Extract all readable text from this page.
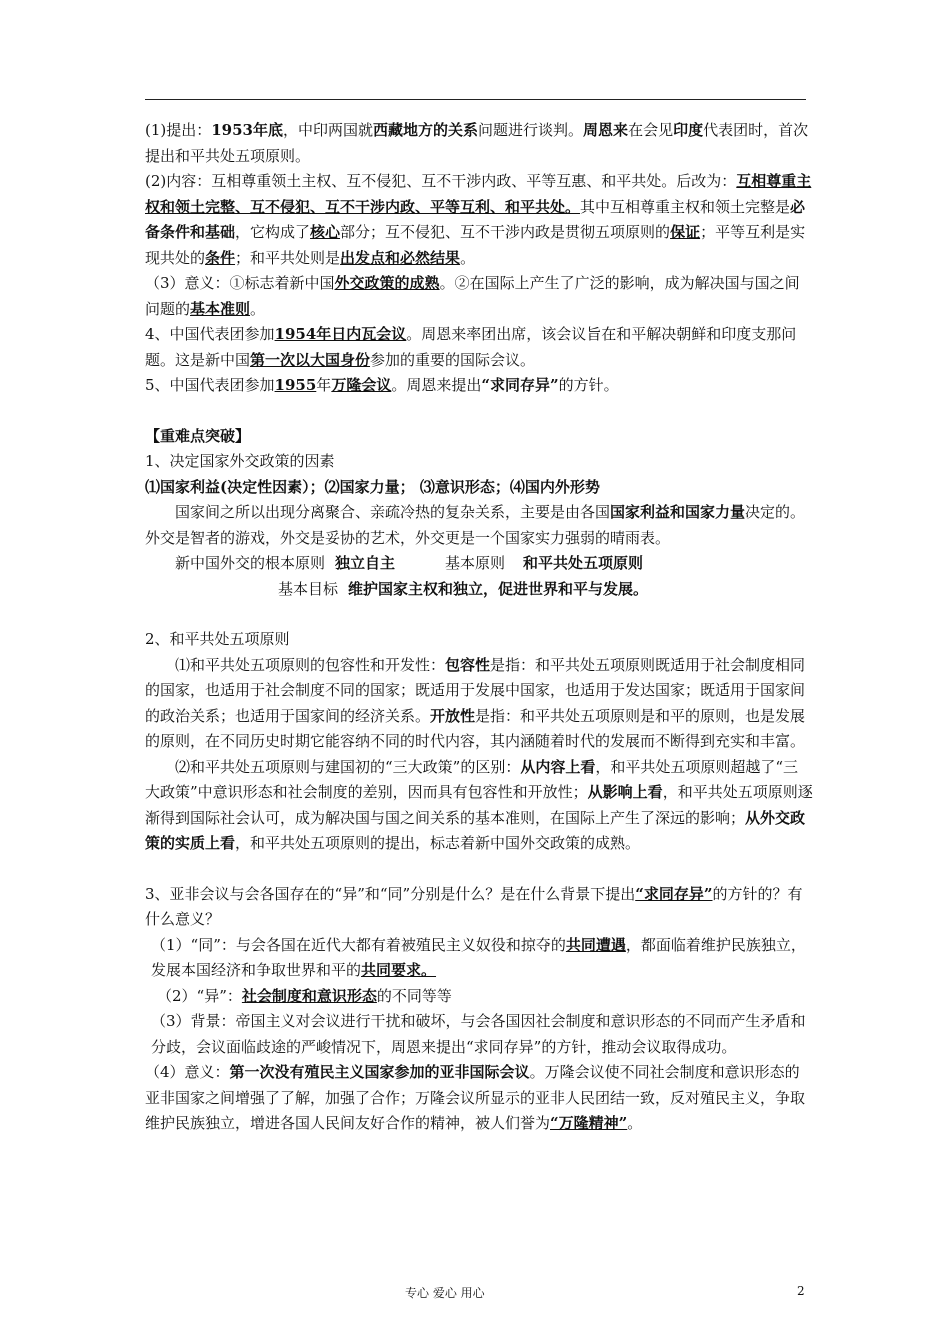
(1)提出：1953年底，中印两国就西藏地方的关系问题进行谈判。周恩来在会见印度代表团时，首次提出和平共处五项原则。

(2)内容：互相尊重领土主权、互不侵犯、互不干涉内政、平等互惠、和平共处。后改为：互相尊重主权和领土完整、互不侵犯、互不干涉内政、平等互利、和平共处。其中互相尊重主权和领土完整是必备条件和基础，它构成了核心部分；互不侵犯、互不干涉内政是贯彻五项原则的保证；平等互利是实现共处的条件；和平共处则是出发点和必然结果。

（3）意义：①标志着新中国外交政策的成熟。②在国际上产生了广泛的影响，成为解决国与国之间问题的基本准则。

4、中国代表团参加1954年日内瓦会议。周恩来率团出席，该会议旨在和平解决朝鲜和印度支那问题。这是新中国第一次以大国身份参加的重要的国际会议。

5、中国代表团参加1955年万隆会议。周恩来提出“求同存异”的方针。

【重难点突破】

1、决定国家外交政策的因素

⑴国家利益(决定性因素）；⑵国家力量； ⑶意识形态；⑷国内外形势

国家间之所以出现分离聚合、亲疏冷热的复杂关系，主要是由各国国家利益和国家力量决定的。外交是智者的游戏，外交是妥协的艺术，外交更是一个国家实力强弱的晴雨表。

新中国外交的根本原则 独立自主	基本原则 和平共处五项原则

基本目标 维护国家主权和独立，促进世界和平与发展。

2、和平共处五项原则

⑴和平共处五项原则的包容性和开发性：包容性是指：和平共处五项原则既适用于社会制度相同的国家，也适用于社会制度不同的国家；既适用于发展中国家，也适用于发达国家；既适用于国家间的政治关系；也适用于国家间的经济关系。开放性是指：和平共处五项原则是和平的原则，也是发展的原则，在不同历史时期它能容纳不同的时代内容，其内涵随着时代的发展而不断得到充实和丰富。

⑵和平共处五项原则与建国初的“三大政策”的区别：从内容上看，和平共处五项原则超越了“三大政策”中意识形态和社会制度的差别，因而具有包容性和开放性；从影响上看，和平共处五项原则逐渐得到国际社会认可，成为解决国与国之间关系的基本准则，在国际上产生了深远的影响；从外交政策的实质上看，和平共处五项原则的提出，标志着新中国外交政策的成熟。

3、亚非会议与会各国存在的“异”和“同”分别是什么？是在什么背景下提出“求同存异”的方针的？有什么意义？

（1）“同”：与会各国在近代大都有着被殖民主义奴役和掠夺的共同遭遇，都面临着维护民族独立，发展本国经济和争取世界和平的共同要求。

（2）“异”：社会制度和意识形态的不同等等

（3）背景：帝国主义对会议进行干扰和破坏，与会各国因社会制度和意识形态的不同而产生矛盾和分歧，会议面临歧途的严峻情况下，周恩来提出“求同存异”的方针，推动会议取得成功。

（4）意义：第一次没有殖民主义国家参加的亚非国际会议。万隆会议使不同社会制度和意识形态的亚非国家之间增强了了解，加强了合作；万隆会议所显示的亚非人民团结一致，反对殖民主义，争取维护民族独立，增进各国人民间友好合作的精神，被人们誉为“万隆精神”。

专心 爱心 用心	2
